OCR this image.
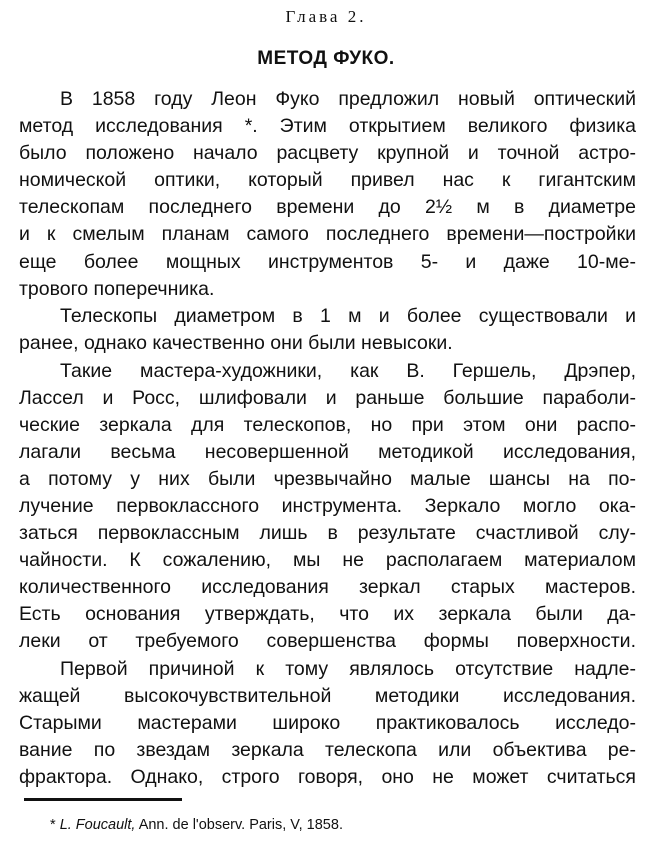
Глава 2.
МЕТОД ФУКО.
В 1858 году Леон Фуко предложил новый оптический
метод исследования *. Этим открытием великого физика
было положено начало расцвету крупной и точной астро-
номической оптики, который привел нас к гигантским
телескопам последнего времени до 2½ м в диаметре
и к смелым планам самого последнего времени—постройки
еще более мощных инструментов 5- и даже 10-ме-
трового поперечника.
Телескопы диаметром в 1 м и более существовали и
ранее, однако качественно они были невысоки.
Такие мастера-художники, как В. Гершель, Дрэпер,
Лассел и Росс, шлифовали и раньше большие параболи-
ческие зеркала для телескопов, но при этом они распо-
лагали весьма несовершенной методикой исследования,
а потому у них были чрезвычайно малые шансы на по-
лучение первоклассного инструмента. Зеркало могло ока-
заться первоклассным лишь в результате счастливой слу-
чайности. К сожалению, мы не располагаем материалом
количественного исследования зеркал старых мастеров.
Есть основания утверждать, что их зеркала были да-
леки от требуемого совершенства формы поверхности.
Первой причиной к тому являлось отсутствие надле-
жащей высокочувствительной методики исследования.
Старыми мастерами широко практиковалось исследо-
вание по звездам зеркала телескопа или объектива ре-
фрактора. Однако, строго говоря, оно не может считаться
* L. Foucault, Ann. de l'observ. Paris, V, 1858.
